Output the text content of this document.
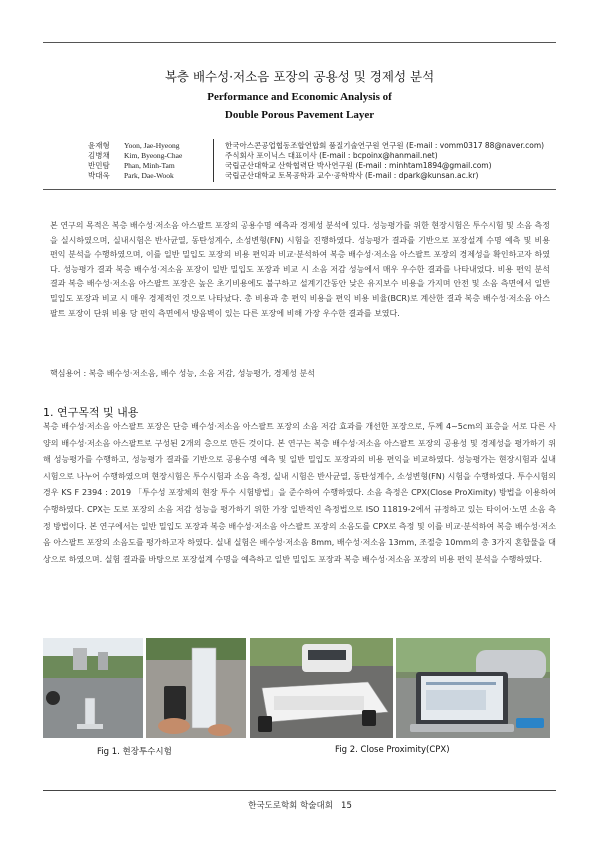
복층 배수성·저소음 포장의 공용성 및 경제성 분석
Performance and Economic Analysis of
Double Porous Pavement Layer
윤재형 Yoon, Jae-Hyeong	한국아스콘공업협동조합연합회 품질기술연구원 연구원 (E-mail : vomm0317 88@naver.com)
김병채 Kim, Byeong-Chae	주식회사 포이닉스 대표이사 (E-mail : bcpoinx@hanmail.net)
반민탐 Phan, Minh-Tam	국립군산대학교 산학협력단 박사연구원 (E-mail : minhtam1894@gmail.com)
박대욱 Park, Dae-Wook	국립군산대학교 토목공학과 교수·공학박사 (E-mail : dpark@kunsan.ac.kr)
본 연구의 목적은 복층 배수성·저소음 아스팔트 포장의 공용수명 예측과 경제성 분석에 있다. 성능평가를 위한 현장시험은 투수시험 및 소음 측정을 실시하였으며, 실내시험은 반사균열, 동탄성계수, 소성변형(FN) 시험을 진행하였다. 성능평가 결과를 기반으로 포장설계 수명 예측 및 비용 편익 분석을 수행하였으며, 이를 일반 밀입도 포장의 비용 편익과 비교·분석하여 복층 배수성·저소음 아스팔트 포장의 경제성을 확인하고자 하였다. 성능평가 결과 복층 배수성·저소음 포장이 일반 밀입도 포장과 비교 시 소음 저감 성능에서 매우 우수한 결과를 나타내었다. 비용 편익 분석 결과 복층 배수성·저소음 아스팔트 포장은 높은 초기비용에도 불구하고 설계기간동안 낮은 유지보수 비용을 가지며 안전 및 소음 측면에서 일반 밀입도 포장과 비교 시 매우 경제적인 것으로 나타났다. 총 비용과 총 편익 비용을 편익 비용 비율(BCR)로 계산한 결과 복층 배수성·저소음 아스팔트 포장이 단위 비용 당 편익 측면에서 방음벽이 있는 다른 포장에 비해 가장 우수한 결과를 보였다.
핵심용어 : 복층 배수성·저소음, 배수 성능, 소음 저감, 성능평가, 경제성 분석
1. 연구목적 및 내용
복층 배수성·저소음 아스팔트 포장은 단층 배수성·저소음 아스팔트 포장의 소음 저감 효과를 개선한 포장으로, 두께 4~5cm의 표층을 서로 다른 사양의 배수성·저소음 아스팔트로 구성된 2개의 층으로 만든 것이다. 본 연구는 복층 배수성·저소음 아스팔트 포장의 공용성 및 경제성을 평가하기 위해 성능평가를 수행하고, 성능평가 결과를 기반으로 공용수명 예측 및 일반 밀입도 포장과의 비용 편익을 비교하였다. 성능평가는 현장시험과 실내 시험으로 나누어 수행하였으며 현장시험은 투수시험과 소음 측정, 실내 시험은 반사균열, 동탄성계수, 소성변형(FN) 시험을 수행하였다. 투수시험의 경우 KS F 2394 : 2019 「투수성 포장체의 현장 투수 시험방법」을 준수하여 수행하였다. 소음 측정은 CPX(Close ProXimity) 방법을 이용하여 수행하였다. CPX는 도로 포장의 소음 저감 성능을 평가하기 위한 가장 일반적인 측정법으로 ISO 11819-2에서 규정하고 있는 타이어·노면 소음 측정 방법이다. 본 연구에서는 일반 밀입도 포장과 복층 배수성·저소음 아스팔트 포장의 소음도를 CPX로 측정 및 이를 비교·분석하여 복층 배수성·저소음 아스팔트 포장의 소음도를 평가하고자 하였다. 실내 실험은 배수성·저소음 8mm, 배수성·저소음 13mm, 조절층 10mm의 총 3가지 혼합물을 대상으로 하였으며. 실험 결과를 바탕으로 포장설계 수명을 예측하고 일반 밀입도 포장과 복층 배수성·저소음 포장의 비용 편익 분석을 수행하였다.
Fig 1. 현장투수시험	Fig 2. Close Proximity(CPX)
한국도로학회 학술대회 15
